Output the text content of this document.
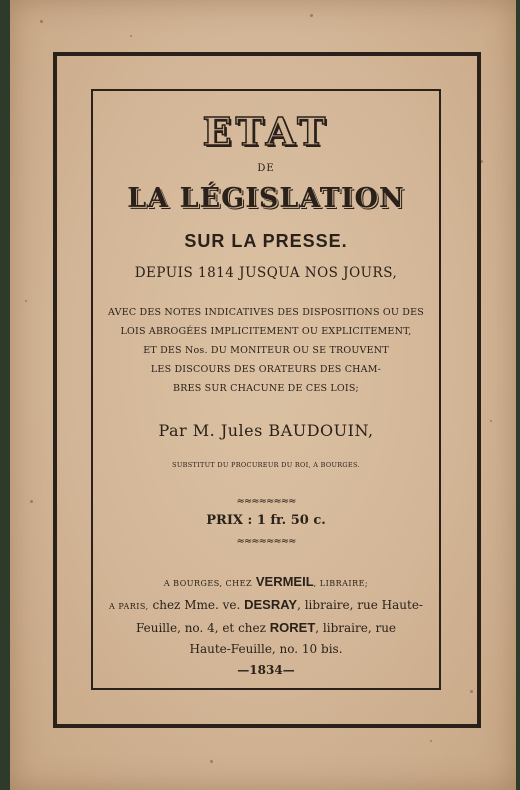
ETAT
DE
LA LÉGISLATION
SUR LA PRESSE.
DEPUIS 1814 JUSQUA NOS JOURS,
AVEC DES NOTES INDICATIVES DES DISPOSITIONS OU DES
LOIS ABROGÉES IMPLICITEMENT OU EXPLICITEMENT,
ET DES Nos. DU MONITEUR OU SE TROUVENT
LES DISCOURS DES ORATEURS DES CHAM-
BRES SUR CHACUNE DE CES LOIS;
Par M. Jules BAUDOUIN,
SUBSTITUT DU PROCUREUR DU ROI, A BOURGES.
≈≈≈≈≈≈≈≈
PRIX : 1 fr. 50 c.
≈≈≈≈≈≈≈≈
A BOURGES, CHEZ VERMEIL, LIBRAIRE;
A PARIS, chez Mme. ve. DESRAY, libraire, rue Haute-
Feuille, no. 4, et chez RORET, libraire, rue
Haute-Feuille, no. 10 bis.
—1834—
